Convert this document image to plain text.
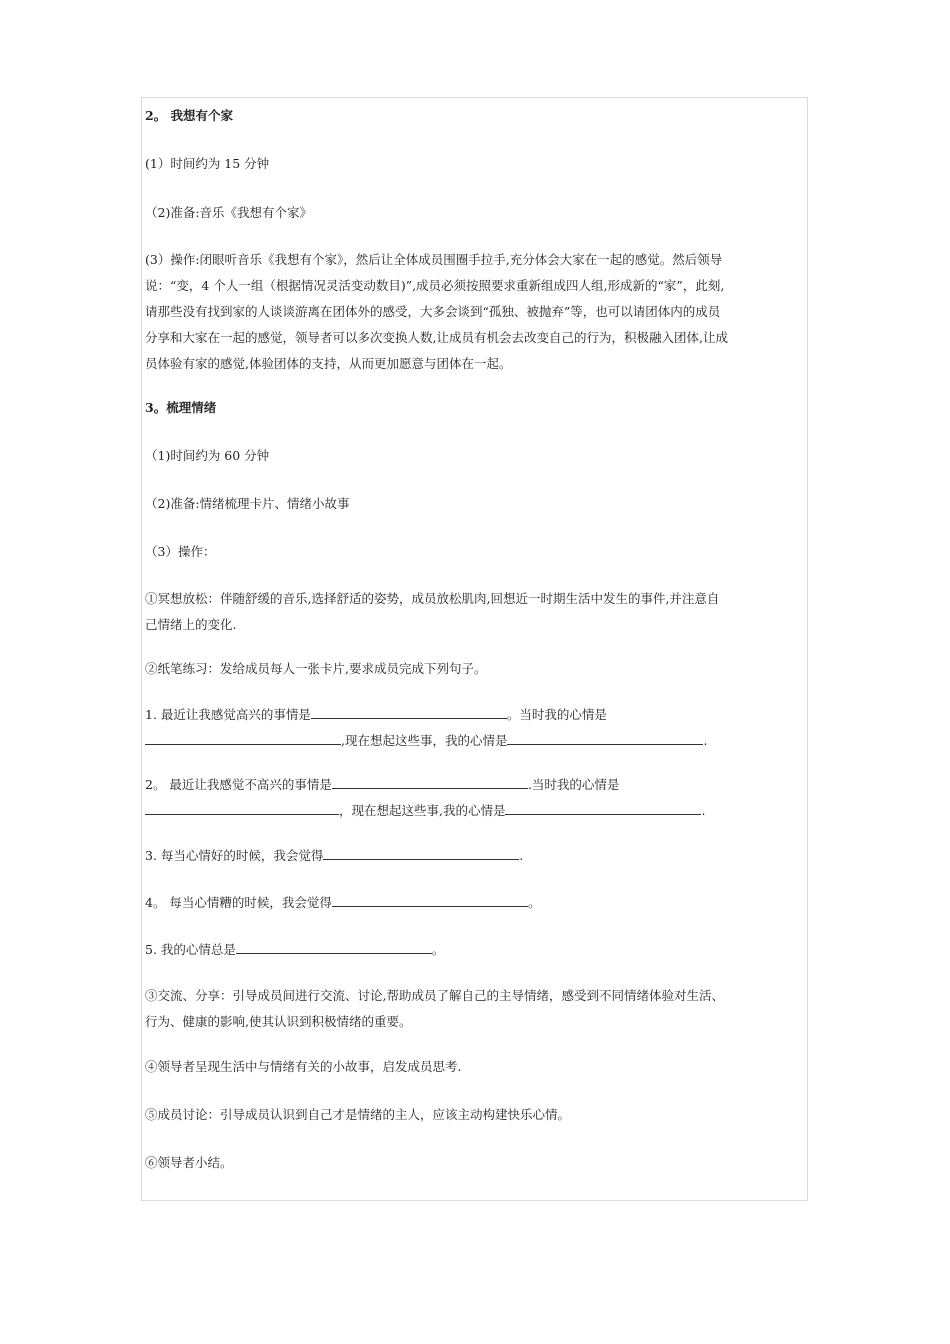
2。 我想有个家

(1）时间约为 15 分钟

（2)准备:音乐《我想有个家》

(3）操作:闭眼听音乐《我想有个家》，然后让全体成员围圈手拉手,充分体会大家在一起的感觉。然后领导

说：“变，4 个人一组（根据情况灵活变动数目)”,成员必须按照要求重新组成四人组,形成新的“家”，此刻,

请那些没有找到家的人谈谈游离在团体外的感受，大多会谈到“孤独、被抛弃”等，也可以请团体内的成员

分享和大家在一起的感觉，领导者可以多次变换人数,让成员有机会去改变自己的行为，积极融入团体,让成

员体验有家的感觉,体验团体的支持，从而更加愿意与团体在一起。

3。梳理情绪

（1)时间约为 60 分钟

（2)准备:情绪梳理卡片、情绪小故事

（3）操作：

①冥想放松：伴随舒缓的音乐,选择舒适的姿势，成员放松肌肉,回想近一时期生活中发生的事件,并注意自

己情绪上的变化.

②纸笔练习：发给成员每人一张卡片,要求成员完成下列句子。

1. 最近让我感觉高兴的事情是	。当时我的心情是

,现在想起这些事，我的心情是	.

2。 最近让我感觉不高兴的事情是	.当时我的心情是

，现在想起这些事,我的心情是	.

3. 每当心情好的时候，我会觉得	.

4。 每当心情糟的时候，我会觉得	。

5. 我的心情总是	。

③交流、分享：引导成员间进行交流、讨论,帮助成员了解自己的主导情绪，感受到不同情绪体验对生活、

行为、健康的影响,使其认识到积极情绪的重要。

④领导者呈现生活中与情绪有关的小故事，启发成员思考.

⑤成员讨论：引导成员认识到自己才是情绪的主人，应该主动构建快乐心情。

⑥领导者小结。
